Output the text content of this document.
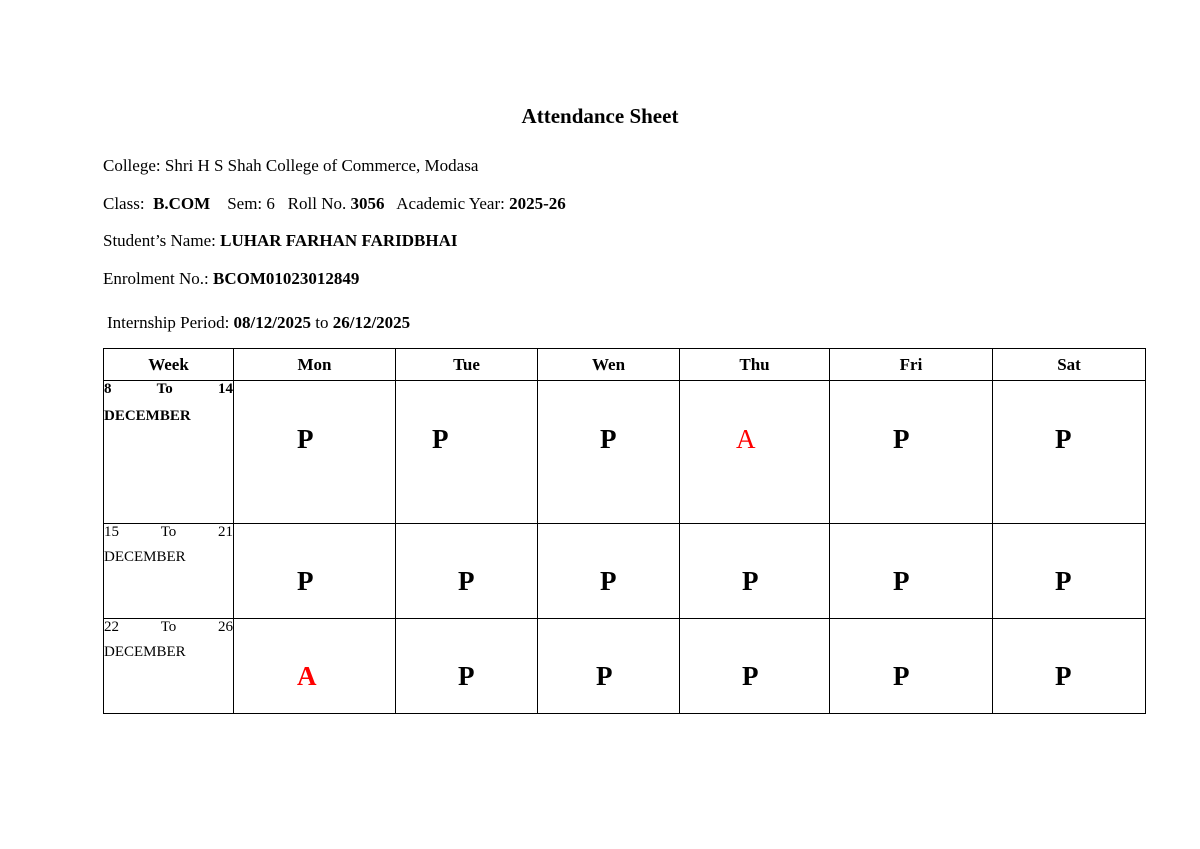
Attendance Sheet
College: Shri H S Shah College of Commerce, Modasa
Class: B.COM Sem: 6 Roll No. 3056 Academic Year: 2025-26
Student’s Name: LUHAR FARHAN FARIDBHAI
Enrolment No.: BCOM01023012849
Internship Period: 08/12/2025 to 26/12/2025
Week	Mon	Tue	Wen	Thu	Fri	Sat

8 To 14
DECEMBER	P	P	P	A	P	P

15 To 21
DECEMBER	P	P	P	P	P	P

22 To 26
DECEMBER	A	P	P	P	P	P
